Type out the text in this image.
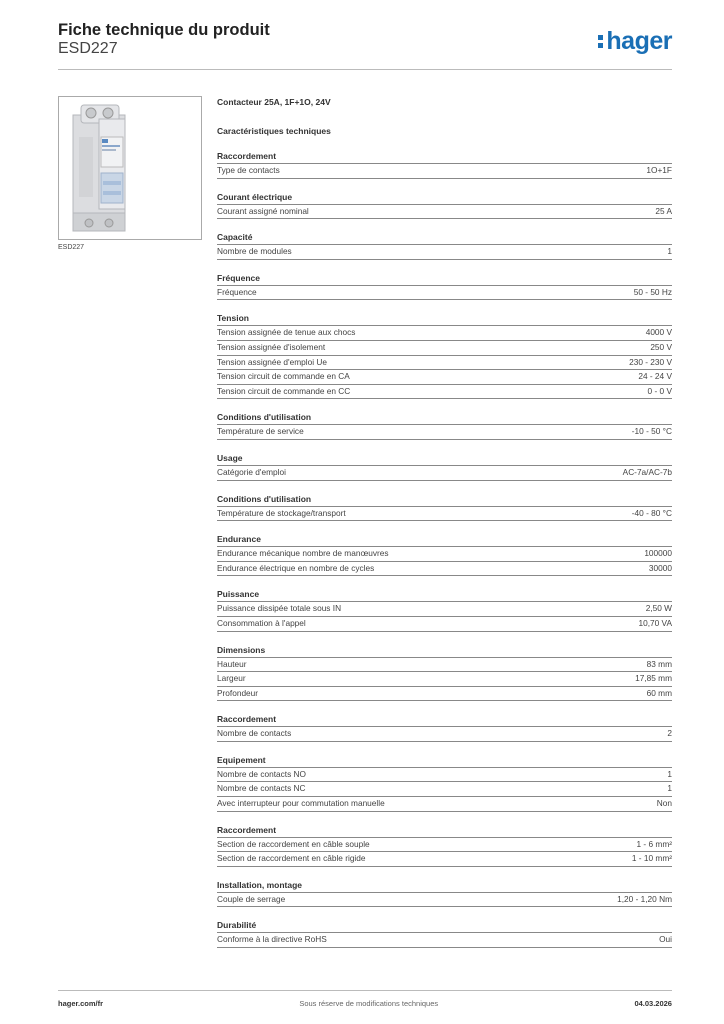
Fiche technique du produit
ESD227	hager
ESD227
Contacteur 25A, 1F+1O, 24V
Caractéristiques techniques
Raccordement
Type de contacts	1O+1F
Courant électrique
Courant assigné nominal	25 A
Capacité
Nombre de modules	1
Fréquence
Fréquence	50 - 50 Hz
Tension
Tension assignée de tenue aux chocs	4000 V
Tension assignée d'isolement	250 V
Tension assignée d'emploi Ue	230 - 230 V
Tension circuit de commande en CA	24 - 24 V
Tension circuit de commande en CC	0 - 0 V
Conditions d'utilisation
Température de service	-10 - 50 °C
Usage
Catégorie d'emploi	AC-7a/AC-7b
Conditions d'utilisation
Température de stockage/transport	-40 - 80 °C
Endurance
Endurance mécanique nombre de manœuvres	100000
Endurance électrique en nombre de cycles	30000
Puissance
Puissance dissipée totale sous IN	2,50 W
Consommation à l'appel	10,70 VA
Dimensions
Hauteur	83 mm
Largeur	17,85 mm
Profondeur	60 mm
Raccordement
Nombre de contacts	2
Equipement
Nombre de contacts NO	1
Nombre de contacts NC	1
Avec interrupteur pour commutation manuelle	Non
Raccordement
Section de raccordement en câble souple	1 - 6 mm²
Section de raccordement en câble rigide	1 - 10 mm²
Installation, montage
Couple de serrage	1,20 - 1,20 Nm
Durabilité
Conforme à la directive RoHS	Oui
hager.com/fr	Sous réserve de modifications techniques	04.03.2026
